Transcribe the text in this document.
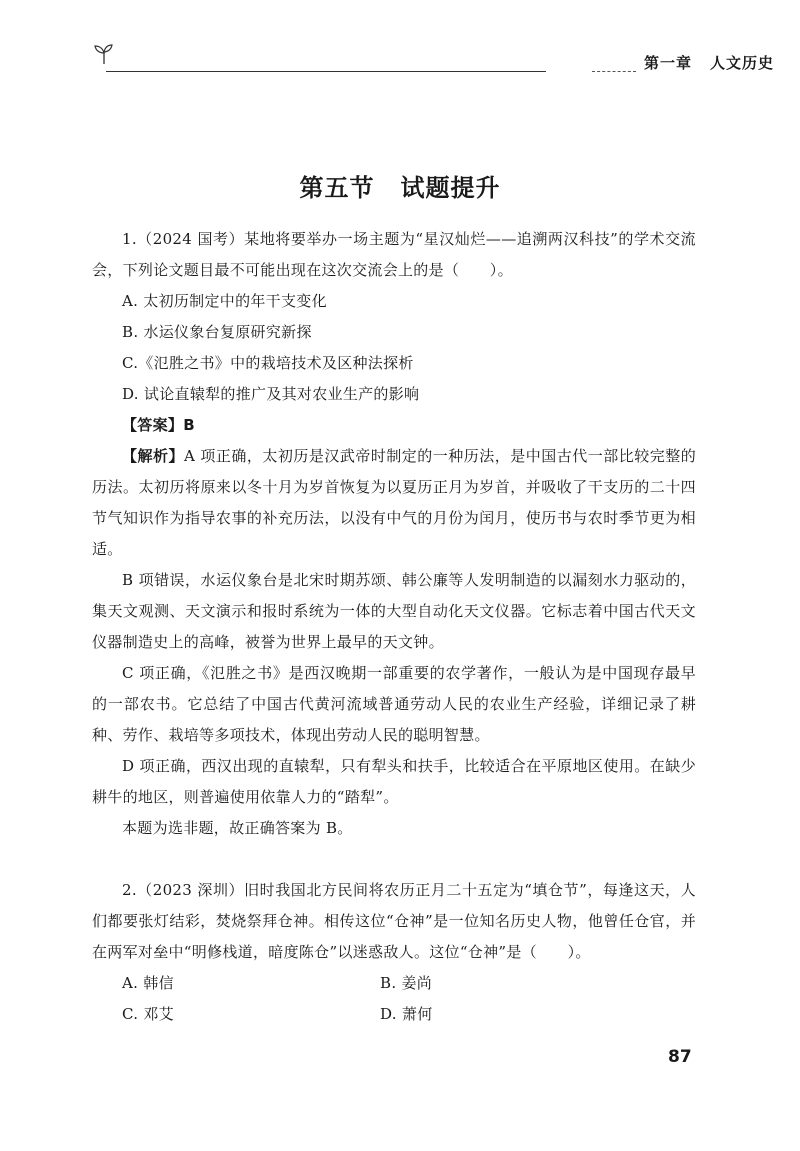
第一章 人文历史
第五节 试题提升

1.（2024 国考）某地将要举办一场主题为“星汉灿烂——追溯两汉科技”的学术交流会，下列论文题目最不可能出现在这次交流会上的是（　　）。

A. 太初历制定中的年干支变化

B. 水运仪象台复原研究新探

C.《氾胜之书》中的栽培技术及区种法探析

D. 试论直辕犁的推广及其对农业生产的影响

【答案】B

【解析】A 项正确，太初历是汉武帝时制定的一种历法，是中国古代一部比较完整的历法。太初历将原来以冬十月为岁首恢复为以夏历正月为岁首，并吸收了干支历的二十四节气知识作为指导农事的补充历法，以没有中气的月份为闰月，使历书与农时季节更为相适。

B 项错误，水运仪象台是北宋时期苏颂、韩公廉等人发明制造的以漏刻水力驱动的，集天文观测、天文演示和报时系统为一体的大型自动化天文仪器。它标志着中国古代天文仪器制造史上的高峰，被誉为世界上最早的天文钟。

C 项正确，《氾胜之书》是西汉晚期一部重要的农学著作，一般认为是中国现存最早的一部农书。它总结了中国古代黄河流域普通劳动人民的农业生产经验，详细记录了耕种、劳作、栽培等多项技术，体现出劳动人民的聪明智慧。

D 项正确，西汉出现的直辕犁，只有犁头和扶手，比较适合在平原地区使用。在缺少耕牛的地区，则普遍使用依靠人力的“踏犁”。

本题为选非题，故正确答案为 B。

2.（2023 深圳）旧时我国北方民间将农历正月二十五定为“填仓节”，每逢这天，人们都要张灯结彩，焚烧祭拜仓神。相传这位“仓神”是一位知名历史人物，他曾任仓官，并在两军对垒中“明修栈道，暗度陈仓”以迷惑敌人。这位“仓神”是（　　）。

A. 韩信	B. 姜尚
C. 邓艾	D. 萧何
87
